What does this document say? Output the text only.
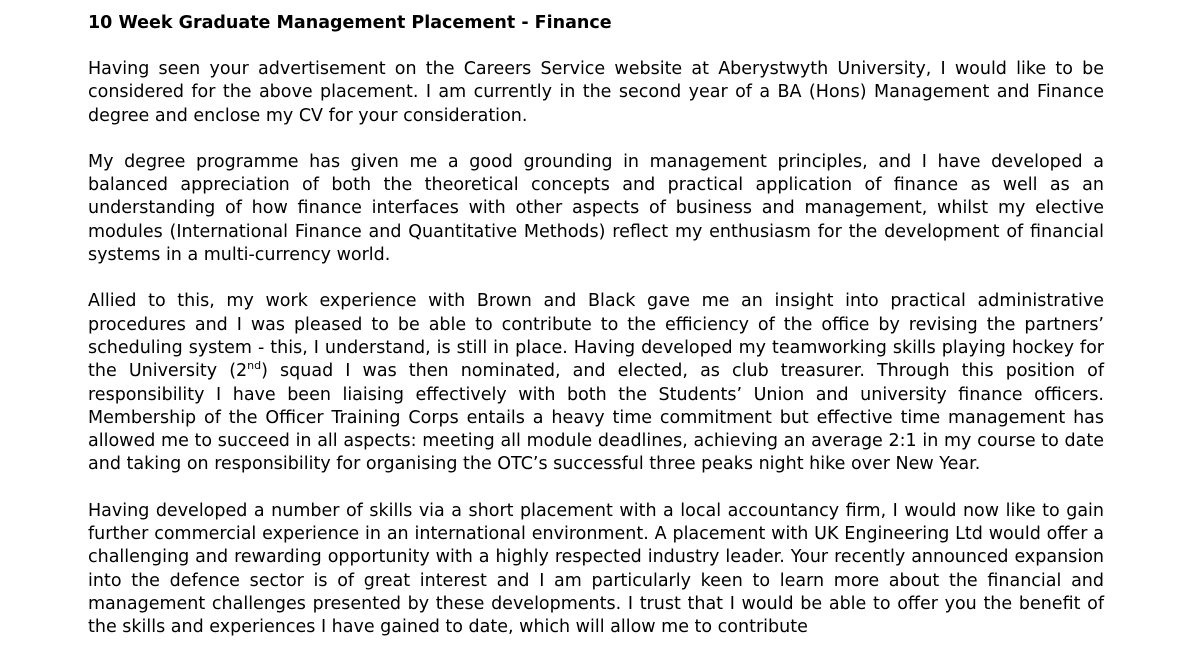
10 Week Graduate Management Placement - Finance

Having seen your advertisement on the Careers Service website at Aberystwyth University, I would like to be considered for the above placement. I am currently in the second year of a BA (Hons) Management and Finance degree and enclose my CV for your consideration.

My degree programme has given me a good grounding in management principles, and I have developed a balanced appreciation of both the theoretical concepts and practical application of finance as well as an understanding of how finance interfaces with other aspects of business and management, whilst my elective modules (International Finance and Quantitative Methods) reflect my enthusiasm for the development of financial systems in a multi-currency world.

Allied to this, my work experience with Brown and Black gave me an insight into practical administrative procedures and I was pleased to be able to contribute to the efficiency of the office by revising the partners’ scheduling system - this, I understand, is still in place. Having developed my teamworking skills playing hockey for the University (2nd) squad I was then nominated, and elected, as club treasurer. Through this position of responsibility I have been liaising effectively with both the Students’ Union and university finance officers. Membership of the Officer Training Corps entails a heavy time commitment but effective time management has allowed me to succeed in all aspects: meeting all module deadlines, achieving an average 2:1 in my course to date and taking on responsibility for organising the OTC’s successful three peaks night hike over New Year.

Having developed a number of skills via a short placement with a local accountancy firm, I would now like to gain further commercial experience in an international environment. A placement with UK Engineering Ltd would offer a challenging and rewarding opportunity with a highly respected industry leader. Your recently announced expansion into the defence sector is of great interest and I am particularly keen to learn more about the financial and management challenges presented by these developments. I trust that I would be able to offer you the benefit of the skills and experiences I have gained to date, which will allow me to contribute
